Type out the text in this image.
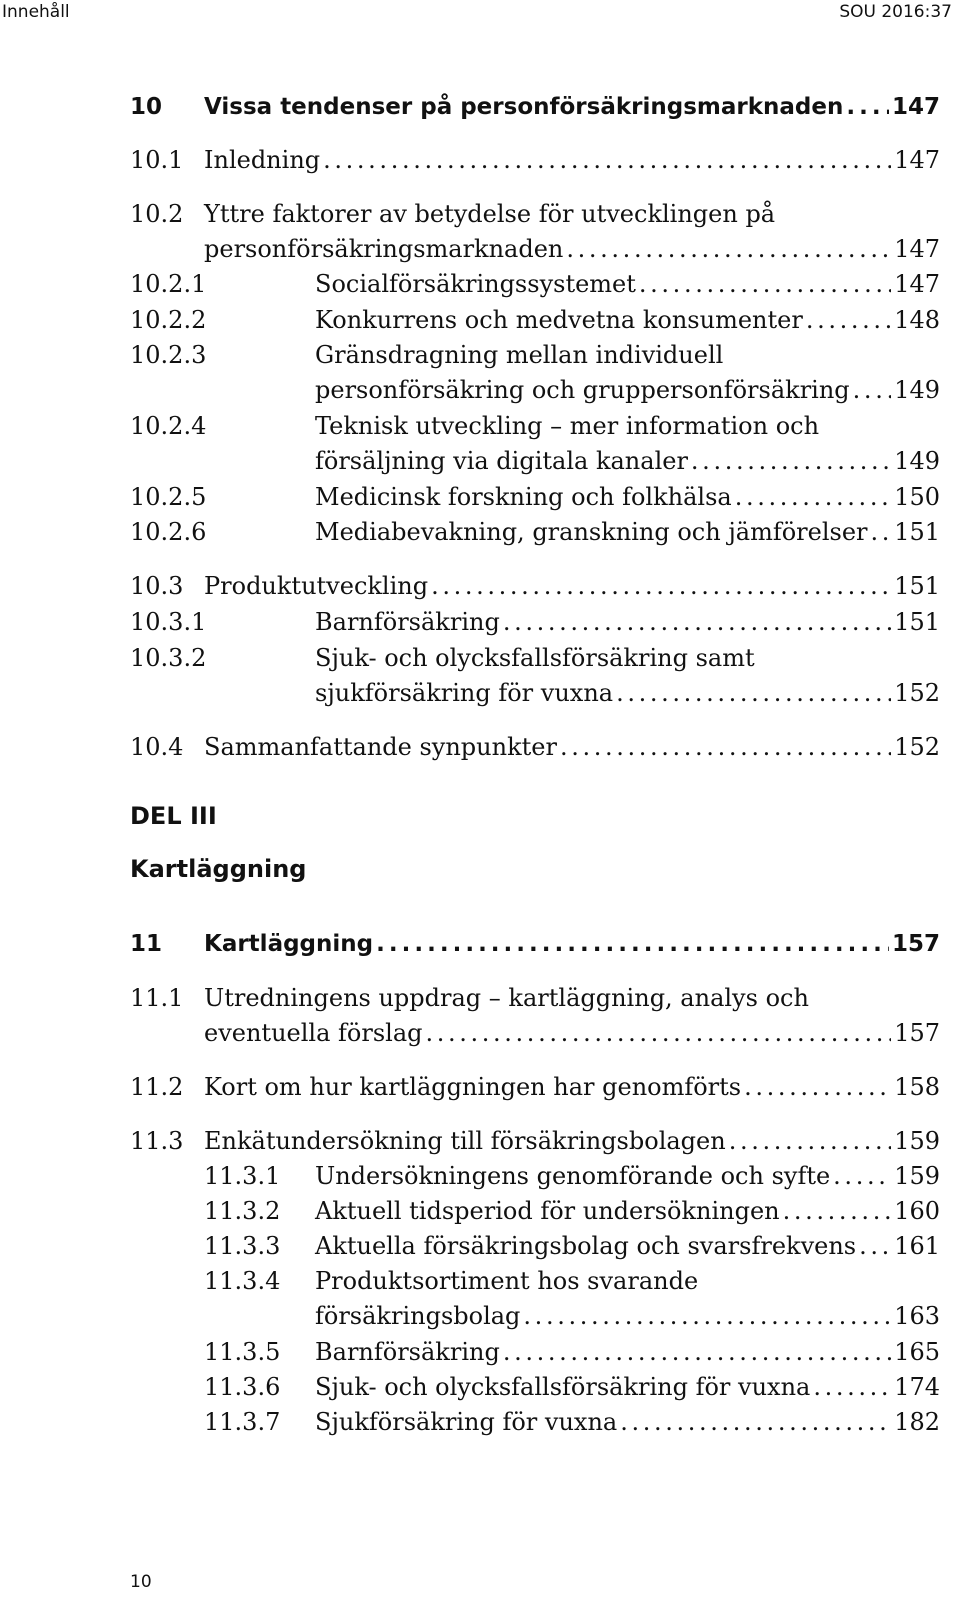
Innehåll	SOU 2016:37
10 Vissa tendenser på personförsäkringsmarknaden . . . 147
10.1 Inledning . . .	147
10.2 Yttre faktorer av betydelse för utvecklingen på
personförsäkringsmarknaden . . .	147
10.2.1	Socialförsäkringssystemet . . .	147
10.2.2	Konkurrens och medvetna konsumenter . . .	148
10.2.3	Gränsdragning mellan individuell
personförsäkring och gruppersonförsäkring . . . 149
10.2.4	Teknisk utveckling – mer information och
försäljning via digitala kanaler . . .	149
10.2.5	Medicinsk forskning och folkhälsa . . .	150
10.2.6	Mediabevakning, granskning och jämförelser . . . 151
10.3 Produktutveckling . . .	151
10.3.1	Barnförsäkring . . .	151
10.3.2	Sjuk- och olycksfallsförsäkring samt
sjukförsäkring för vuxna . . .	152
10.4 Sammanfattande synpunkter . . .	152
11 Kartläggning . . .	157
11.1 Utredningens uppdrag – kartläggning, analys och
eventuella förslag . . .	157
11.2 Kort om hur kartläggningen har genomförts . . .	158
11.3 Enkätundersökning till försäkringsbolagen . . .	159
11.3.1 Undersökningens genomförande och syfte . . .	159
11.3.2 Aktuell tidsperiod för undersökningen . . .	160
11.3.3 Aktuella försäkringsbolag och svarsfrekvens . . . 161
11.3.4 Produktsortiment hos svarande
försäkringsbolag . . .	163
11.3.5 Barnförsäkring . . .	165
11.3.6 Sjuk- och olycksfallsförsäkring för vuxna . . .	174
11.3.7 Sjukförsäkring för vuxna . . .	182
DEL III
Kartläggning
10
